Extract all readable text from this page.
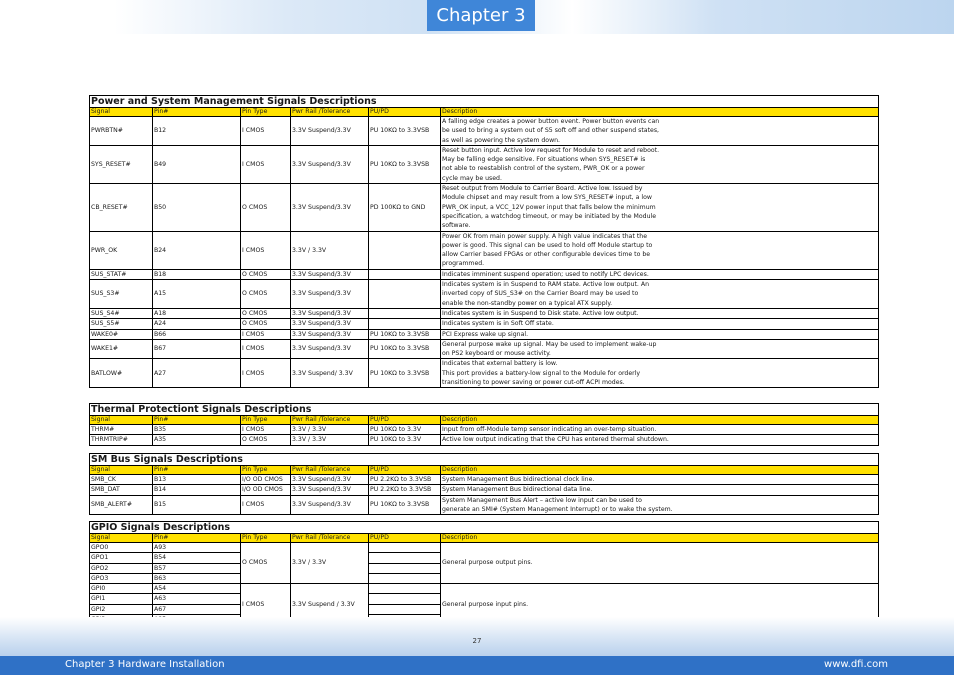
Chapter 3
Power and System Management Signals Descriptions					
Signal	Pin#	Pin Type	Pwr Rail /Tolerance	PU/PD	Description
PWRBTN#	B12	I CMOS	3.3V Suspend/3.3V	PU 10KΩ to 3.3VSB	A falling edge creates a power button event. Power button events can
be used to bring a system out of S5 soft off and other suspend states,
as well as powering the system down.

SYS_RESET#	B49	I CMOS	3.3V Suspend/3.3V	PU 10KΩ to 3.3VSB	Reset button input. Active low request for Module to reset and reboot.
May be falling edge sensitive. For situations when SYS_RESET# is
not able to reestablish control of the system, PWR_OK or a power
cycle may be used.

CB_RESET#	B50	O CMOS	3.3V Suspend/3.3V	PD 100KΩ to GND	Reset output from Module to Carrier Board. Active low. Issued by
Module chipset and may result from a low SYS_RESET# input, a low
PWR_OK input, a VCC_12V power input that falls below the minimum
specification, a watchdog timeout, or may be initiated by the Module
software.

PWR_OK	B24	I CMOS	3.3V / 3.3V		Power OK from main power supply. A high value indicates that the
power is good. This signal can be used to hold off Module startup to
allow Carrier based FPGAs or other configurable devices time to be
programmed.

SUS_STAT#	B18	O CMOS	3.3V Suspend/3.3V		Indicates imminent suspend operation; used to notify LPC devices.

SUS_S3#	A15	O CMOS	3.3V Suspend/3.3V		Indicates system is in Suspend to RAM state. Active low output. An
inverted copy of SUS_S3# on the Carrier Board may be used to
enable the non-standby power on a typical ATX supply.

SUS_S4#	A18	O CMOS	3.3V Suspend/3.3V		Indicates system is in Suspend to Disk state. Active low output.

SUS_S5#	A24	O CMOS	3.3V Suspend/3.3V		Indicates system is in Soft Off state.

WAKE0#	B66	I CMOS	3.3V Suspend/3.3V	PU 10KΩ to 3.3VSB	PCI Express wake up signal.

WAKE1#	B67	I CMOS	3.3V Suspend/3.3V	PU 10KΩ to 3.3VSB	General purpose wake up signal. May be used to implement wake-up
on PS2 keyboard or mouse activity.

BATLOW#	A27	I CMOS	3.3V Suspend/ 3.3V	PU 10KΩ to 3.3VSB	Indicates that external battery is low.
This port provides a battery-low signal to the Module for orderly
transitioning to power saving or power cut-off ACPI modes.
Thermal Protectiont Signals Descriptions					
Signal	Pin#	Pin Type	Pwr Rail /Tolerance	PU/PD	Description
THRM#	B35	I CMOS	3.3V / 3.3V	PU 10KΩ to 3.3V	Input from off-Module temp sensor indicating an over-temp situation.

THRMTRIP#	A35	O CMOS	3.3V / 3.3V	PU 10KΩ to 3.3V	Active low output indicating that the CPU has entered thermal shutdown.
SM Bus Signals Descriptions					
Signal	Pin#	Pin Type	Pwr Rail /Tolerance	PU/PD	Description
SMB_CK	B13	I/O OD CMOS	3.3V Suspend/3.3V	PU 2.2KΩ to 3.3VSB	System Management Bus bidirectional clock line.

SMB_DAT	B14	I/O OD CMOS	3.3V Suspend/3.3V	PU 2.2KΩ to 3.3VSB	System Management Bus bidirectional data line.

SMB_ALERT#	B15	I CMOS	3.3V Suspend/3.3V	PU 10KΩ to 3.3VSB	System Management Bus Alert – active low input can be used to
generate an SMI# (System Management Interrupt) or to wake the system.
GPIO Signals Descriptions					
Signal	Pin#	Pin Type	Pwr Rail /Tolerance	PU/PD	Description
GPO0	A93	O CMOS	3.3V / 3.3V		General purpose output pins.
GPO1	B54				
GPO2	B57				
GPO3	B63				
GPI0	A54	I CMOS	3.3V Suspend / 3.3V		General purpose input pins.
GPI1	A63				
GPI2	A67				

27
Chapter 3 Hardware Installation	www.dfi.com
